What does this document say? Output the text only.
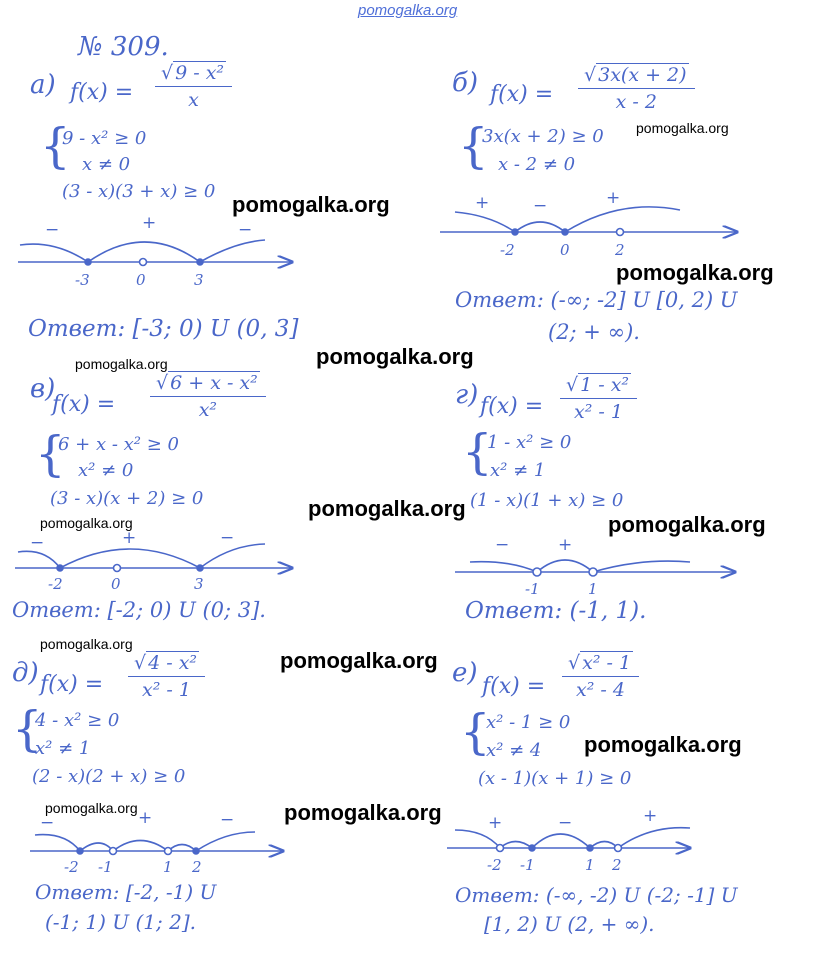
pomogalka.org
№ 309.
а) f(x) =
√ 9 - x²
x
{
9 - x² ≥ 0
x ≠ 0
(3 - x)(3 + x) ≥ 0
−	+	−
-3	0	3
Ответ: [-3; 0) U (0, 3]
б) f(x) =
√ 3x(x + 2)
x - 2
{
3x(x + 2) ≥ 0
x - 2 ≠ 0
+	−	+
-2	0	2
Ответ: (-∞; -2] U [0, 2) U
(2; + ∞).
в)
f(x) =
√ 6 + x - x²
x²
{
6 + x - x² ≥ 0
x² ≠ 0
(3 - x)(x + 2) ≥ 0
−	+	−
-2	0	3
Ответ: [-2; 0) U (0; 3].
г) f(x) =
√ 1 - x²
x² - 1
{
1 - x² ≥ 0
x² ≠ 1
(1 - x)(1 + x) ≥ 0
−	+
-1	1
Ответ: (-1, 1).
д) f(x) =
√ 4 - x²
x² - 1
{
4 - x² ≥ 0
x² ≠ 1
(2 - x)(2 + x) ≥ 0
−	+	−
-2 -1	1 2
Ответ: [-2, -1) U
(-1; 1) U (1; 2].
е) f(x) =
√ x² - 1
x² - 4
{
x² - 1 ≥ 0
x² ≠ 4
(x - 1)(x + 1) ≥ 0
+	−	+
-2 -1	1 2
Ответ: (-∞, -2) U (-2; -1] U
[1, 2) U (2, + ∞).
pomogalka.org
pomogalka.org
pomogalka.org
pomogalka.org
pomogalka.org
pomogalka.org
pomogalka.org	pomogalka.org
pomogalka.org
pomogalka.org
pomogalka.org
pomogalka.org	pomogalka.org
